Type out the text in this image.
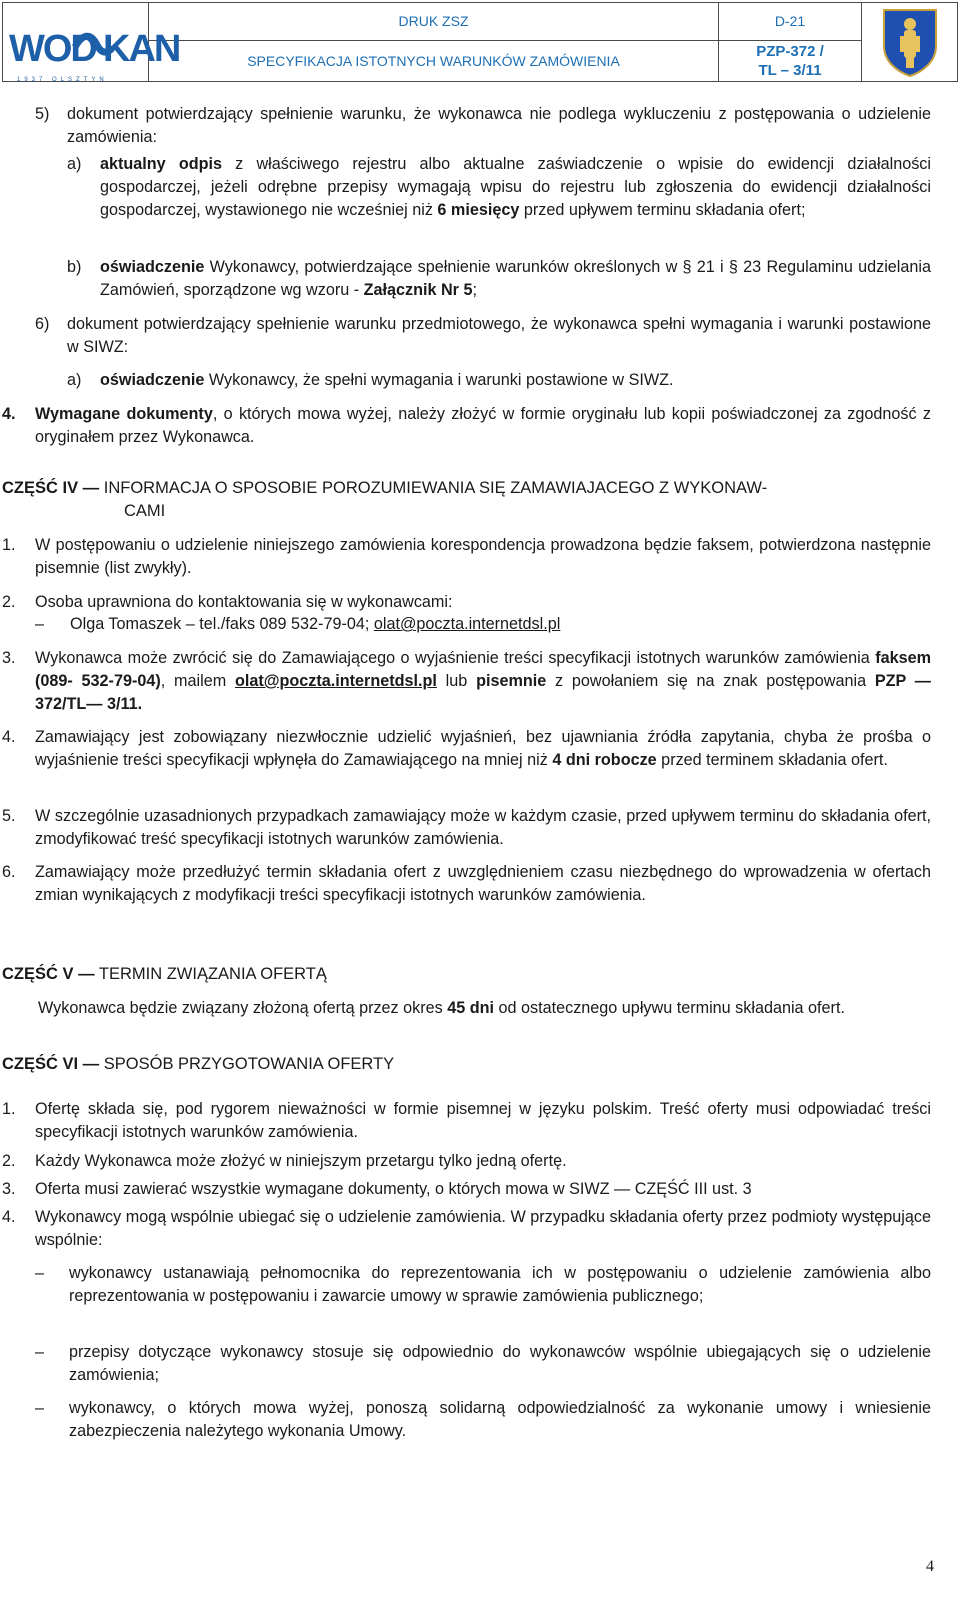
WOD KAN
1937 OLSZTYN
DRUK ZSZ
SPECYFIKACJA ISTOTNYCH WARUNKÓW ZAMÓWIENIA
D-21
PZP-372 /
TL – 3/11
5) dokument potwierdzający spełnienie warunku, że wykonawca nie podlega wykluczeniu z postępowania o udzielenie zamówienia:
a) aktualny odpis z właściwego rejestru albo aktualne zaświadczenie o wpisie do ewidencji działalności gospodarczej, jeżeli odrębne przepisy wymagają wpisu do rejestru lub zgłoszenia do ewidencji działalności gospodarczej, wystawionego nie wcześniej niż 6 miesięcy przed upływem terminu składania ofert;
b) oświadczenie Wykonawcy, potwierdzające spełnienie warunków określonych w § 21 i § 23 Regulaminu udzielania Zamówień, sporządzone wg wzoru - Załącznik Nr 5;
6) dokument potwierdzający spełnienie warunku przedmiotowego, że wykonawca spełni wymagania i warunki postawione w SIWZ:
a) oświadczenie Wykonawcy, że spełni wymagania i warunki postawione w SIWZ.
4. Wymagane dokumenty, o których mowa wyżej, należy złożyć w formie oryginału lub kopii poświadczonej za zgodność z oryginałem przez Wykonawca.
CZĘŚĆ IV — INFORMACJA O SPOSOBIE POROZUMIEWANIA SIĘ ZAMAWIAJACEGO Z WYKONAW-
CAMI
1. W postępowaniu o udzielenie niniejszego zamówienia korespondencja prowadzona będzie faksem, potwierdzona następnie pisemnie (list zwykły).
2. Osoba uprawniona do kontaktowania się w wykonawcami:
– Olga Tomaszek – tel./faks 089 532-79-04; olat@poczta.internetdsl.pl
3. Wykonawca może zwrócić się do Zamawiającego o wyjaśnienie treści specyfikacji istotnych warunków zamówienia faksem (089- 532-79-04), mailem olat@poczta.internetdsl.pl lub pisemnie z powołaniem się na znak postępowania PZP — 372/TL— 3/11.
4. Zamawiający jest zobowiązany niezwłocznie udzielić wyjaśnień, bez ujawniania źródła zapytania, chyba że prośba o wyjaśnienie treści specyfikacji wpłynęła do Zamawiającego na mniej niż 4 dni robocze przed terminem składania ofert.
5. W szczególnie uzasadnionych przypadkach zamawiający może w każdym czasie, przed upływem terminu do składania ofert, zmodyfikować treść specyfikacji istotnych warunków zamówienia.
6. Zamawiający może przedłużyć termin składania ofert z uwzględnieniem czasu niezbędnego do wprowadzenia w ofertach zmian wynikających z modyfikacji treści specyfikacji istotnych warunków zamówienia.
CZĘŚĆ V — TERMIN ZWIĄZANIA OFERTĄ
Wykonawca będzie związany złożoną ofertą przez okres 45 dni od ostatecznego upływu terminu składania ofert.
CZĘŚĆ VI — SPOSÓB PRZYGOTOWANIA OFERTY
1. Ofertę składa się, pod rygorem nieważności w formie pisemnej w języku polskim. Treść oferty musi odpowiadać treści specyfikacji istotnych warunków zamówienia.
2. Każdy Wykonawca może złożyć w niniejszym przetargu tylko jedną ofertę.
3. Oferta musi zawierać wszystkie wymagane dokumenty, o których mowa w SIWZ — CZĘŚĆ III ust. 3
4. Wykonawcy mogą wspólnie ubiegać się o udzielenie zamówienia. W przypadku składania oferty przez podmioty występujące wspólnie:
– wykonawcy ustanawiają pełnomocnika do reprezentowania ich w postępowaniu o udzielenie zamówienia albo reprezentowania w postępowaniu i zawarcie umowy w sprawie zamówienia publicznego;
– przepisy dotyczące wykonawcy stosuje się odpowiednio do wykonawców wspólnie ubiegających się o udzielenie zamówienia;
– wykonawcy, o których mowa wyżej, ponoszą solidarną odpowiedzialność za wykonanie umowy i wniesienie zabezpieczenia należytego wykonania Umowy.
4
